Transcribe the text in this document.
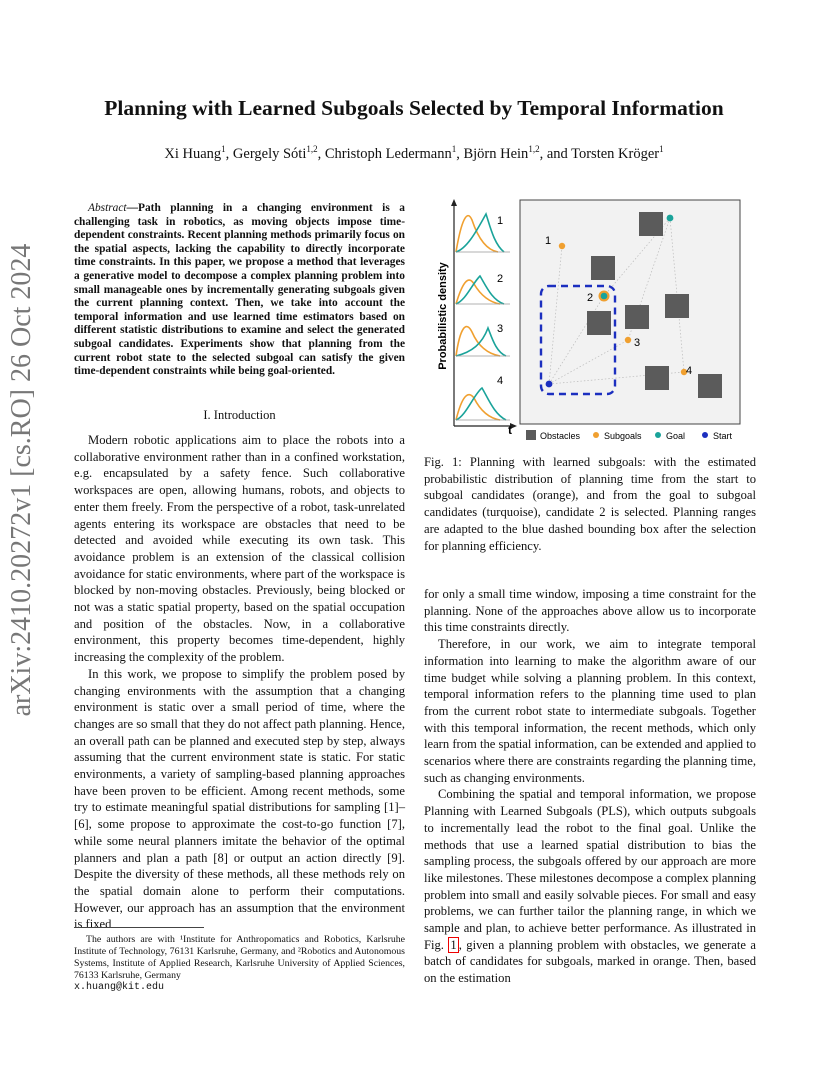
Planning with Learned Subgoals Selected by Temporal Information
Xi Huang$^1$, Gergely Sóti$^{1,2}$, Christoph Ledermann$^1$, Björn Hein$^{1,2}$, and Torsten Kröger$^1$
arXiv:2410.20272v1 [cs.RO] 26 Oct 2024
Abstract—Path planning in a changing environment is a challenging task in robotics, as moving objects impose time-dependent constraints. Recent planning methods primarily focus on the spatial aspects, lacking the capability to directly incorporate time constraints. In this paper, we propose a method that leverages a generative model to decompose a complex planning problem into small manageable ones by incrementally generating subgoals given the current planning context. Then, we take into account the temporal information and use learned time estimators based on different statistic distributions to examine and select the generated subgoal candidates. Experiments show that planning from the current robot state to the selected subgoal can satisfy the given time-dependent constraints while being goal-oriented.
I. Introduction

Modern robotic applications aim to place the robots into a collaborative environment rather than in a confined workstation, e.g. encapsulated by a safety fence. Such collaborative workspaces are open, allowing humans, robots, and objects to enter them freely. From the perspective of a robot, task-unrelated agents entering its workspace are obstacles that need to be detected and avoided while executing its own task. This avoidance problem is an extension of the classical collision avoidance for static environments, where part of the workspace is blocked by non-moving obstacles. Previously, being blocked or not was a static spatial property, based on the spatial occupation and position of the obstacles. Now, in a collaborative environment, this property becomes time-dependent, highly increasing the complexity of the problem.

In this work, we propose to simplify the problem posed by changing environments with the assumption that a changing environment is static over a small period of time, where the changes are so small that they do not affect path planning. Hence, an overall path can be planned and executed step by step, always assuming that the current environment state is static. For static environments, a variety of sampling-based planning approaches have been proven to be efficient. Among recent methods, some try to estimate meaningful spatial distributions for sampling [1]–[6], some propose to approximate the cost-to-go function [7], while some neural planners imitate the behavior of the optimal planners and plan a path [8] or output an action directly [9]. Despite the diversity of these methods, all these methods rely on the spatial domain alone to perform their computations. However, our approach has an assumption that the environment is fixed

The authors are with ¹Institute for Anthropomatics and Robotics, Karlsruhe Institute of Technology, 76131 Karlsruhe, Germany, and ²Robotics and Autonomous Systems, Institute of Applied Research, Karlsruhe University of Applied Sciences, 76133 Karlsruhe, Germany
x.huang@kit.edu
Probabilistic density
t
1
2
3
4
1
2
3
4
Obstacles	Subgoals	Goal	Start
Fig. 1: Planning with learned subgoals: with the estimated probabilistic distribution of planning time from the start to subgoal candidates (orange), and from the goal to subgoal candidates (turquoise), candidate 2 is selected. Planning ranges are adapted to the blue dashed bounding box after the selection for planning efficiency.

for only a small time window, imposing a time constraint for the planning. None of the approaches above allow us to incorporate this time constraints directly.

Therefore, in our work, we aim to integrate temporal information into learning to make the algorithm aware of our time budget while solving a planning problem. In this context, temporal information refers to the planning time used to plan from the current robot state to intermediate subgoals. Together with this temporal information, the recent methods, which only learn from the spatial information, can be extended and applied to scenarios where there are constraints regarding the planning time, such as changing environments.

Combining the spatial and temporal information, we propose Planning with Learned Subgoals (PLS), which outputs subgoals to incrementally lead the robot to the final goal. Unlike the methods that use a learned spatial distribution to bias the sampling process, the subgoals offered by our approach are more like milestones. These milestones decompose a complex planning problem into small and easily solvable pieces. For small and easy problems, we can further tailor the planning range, in which we sample and plan, to achieve better performance. As illustrated in Fig. 1 , given a planning problem with obstacles, we generate a batch of candidates for subgoals, marked in orange. Then, based on the estimation
